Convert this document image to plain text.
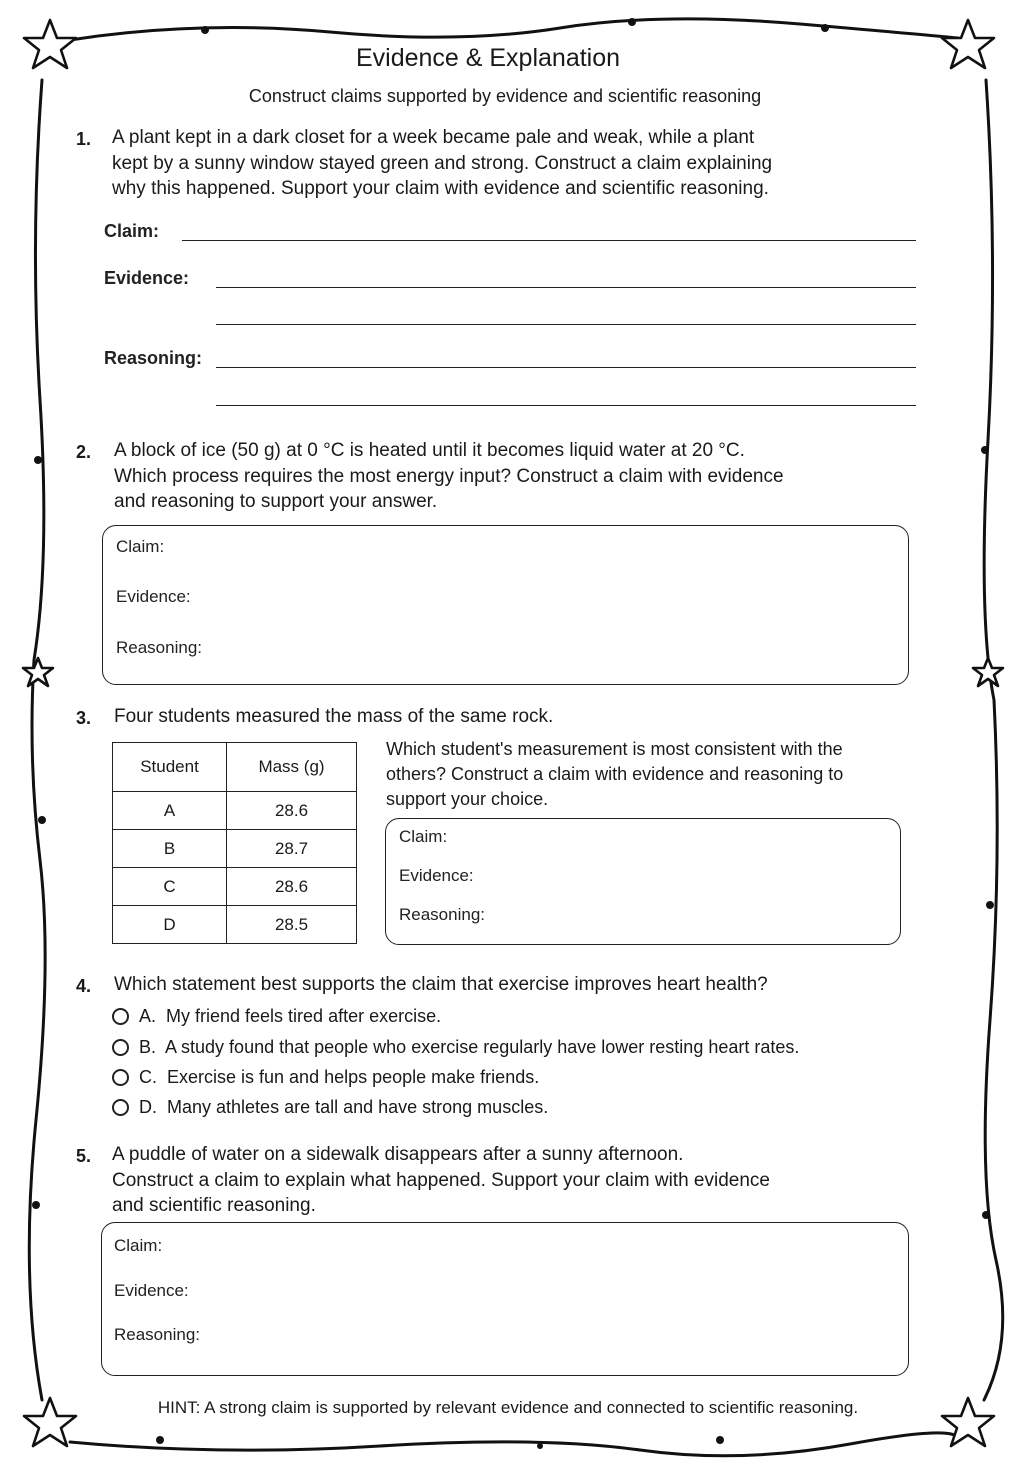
Evidence & Explanation
Construct claims supported by evidence and scientific reasoning
1. A plant kept in a dark closet for a week became pale and weak, while a plant
kept by a sunny window stayed green and strong. Construct a claim explaining
why this happened. Support your claim with evidence and scientific reasoning.
Claim:
Evidence:
Reasoning:
2. A block of ice (50 g) at 0 °C is heated until it becomes liquid water at 20 °C.
Which process requires the most energy input? Construct a claim with evidence
and reasoning to support your answer.
Claim:
Evidence:
Reasoning:
3. Four students measured the mass of the same rock.
Student	Mass (g)
A	28.6
B	28.7
C	28.6
D	28.5
Which student's measurement is most consistent with the
others? Construct a claim with evidence and reasoning to
support your choice.
Claim:
Evidence:
Reasoning:
4. Which statement best supports the claim that exercise improves heart health?
A.  My friend feels tired after exercise.
B.  A study found that people who exercise regularly have lower resting heart rates.
C.  Exercise is fun and helps people make friends.
D.  Many athletes are tall and have strong muscles.
5. A puddle of water on a sidewalk disappears after a sunny afternoon.
Construct a claim to explain what happened. Support your claim with evidence
and scientific reasoning.
Claim:
Evidence:
Reasoning:
HINT: A strong claim is supported by relevant evidence and connected to scientific reasoning.
